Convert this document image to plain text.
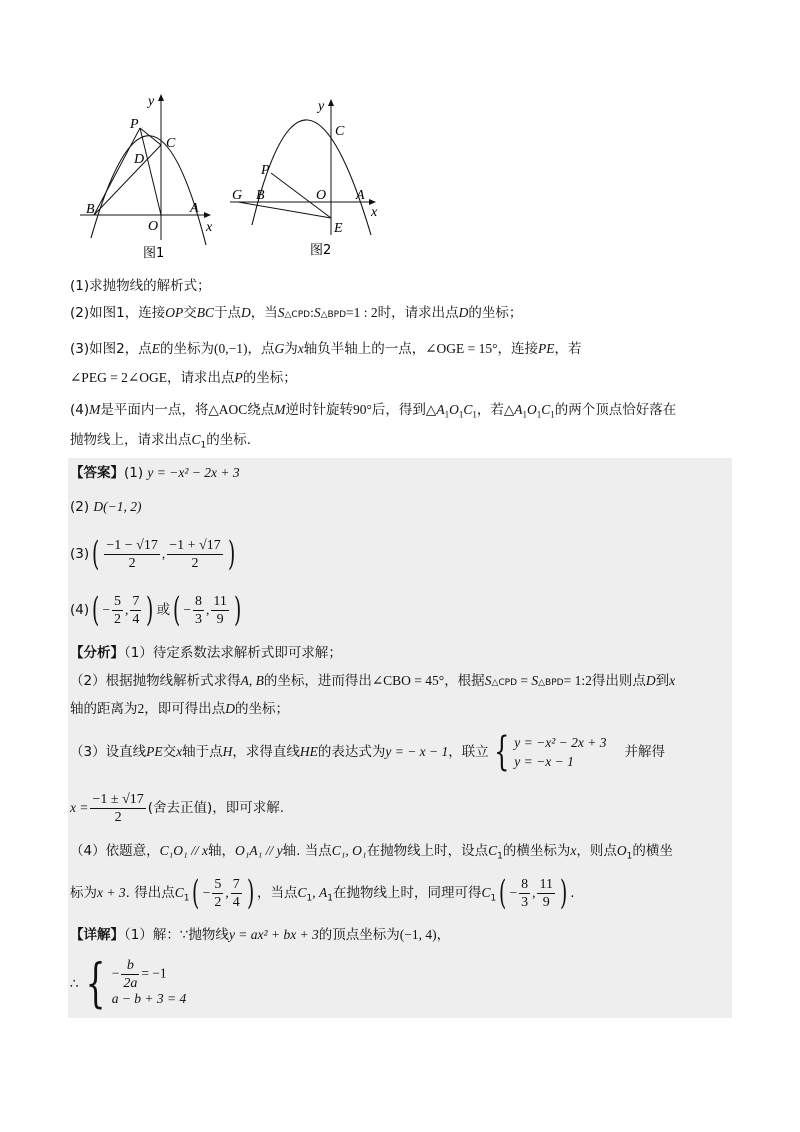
y
P
C
D
B
O
A
x
图1
y
C
P
G B	O A
x
E
图2
(1)求抛物线的解析式；
(2)如图1，连接OP交BC于点D，当S△CPD:S△BPD=1 : 2时，请求出点D的坐标；
(3)如图2，点E的坐标为(0,−1)，点G为x轴负半轴上的一点，∠OGE = 15°，连接PE，若
∠PEG = 2∠OGE，请求出点P的坐标；
(4)M是平面内一点，将△AOC绕点M逆时针旋转90°后，得到$\triangle A_1O_1C_1$，若$\triangle A_1O_1C_1$的两个顶点恰好落在
抛物线上，请求出点$C_1$的坐标.
【答案】(1) y = −x² − 2x + 3
(2) D(−1, 2)
$(3)( \frac{-1 - √17}{2}$ , $\frac{-1 + √17}{2}$ )
$(4)( - \frac{5}{2}$ , $\frac{7}{4}$ ) 或( − $\frac{8}{3}$ , $\frac{11}{9}$ )
【分析】（1）待定系数法求解析式即可求解；
（2）根据抛物线解析式求得A, B的坐标，进而得出∠CBO = 45°，根据S△CPD = S△BPD= 1:2得出则点D到x
轴的距离为2，即可得出点D的坐标；
（3）设直线PE交x轴于点H，求得直线HE的表达式为y = − x − 1，联立 { y = −x² − 2x + 3
y = −x − 1
并解得
$x = \frac{-1 \pm √17}{2}$ (舍去正值)，即可求解.
（4）依题意，C₁O₁ // x轴，O₁A₁ // y轴. 当点C₁, O₁在抛物线上时，设点$C_1$的横坐标为x，则点$O_1$的横坐
标为x + 3. 得出点$C_1( - \frac{5}{2}$ , $\frac{7}{4}$ ) ，当点$C_1$, $A_1$在抛物线上时，同理可得$C_1( - \frac{8}{3}$ , $\frac{11}{9}$ ) .
【详解】（1）解：∵抛物线y = ax² + bx + 3的顶点坐标为(−1, 4)，
∴ { − $\frac{b}{2a} = -1$
a − b + 3 = 4
